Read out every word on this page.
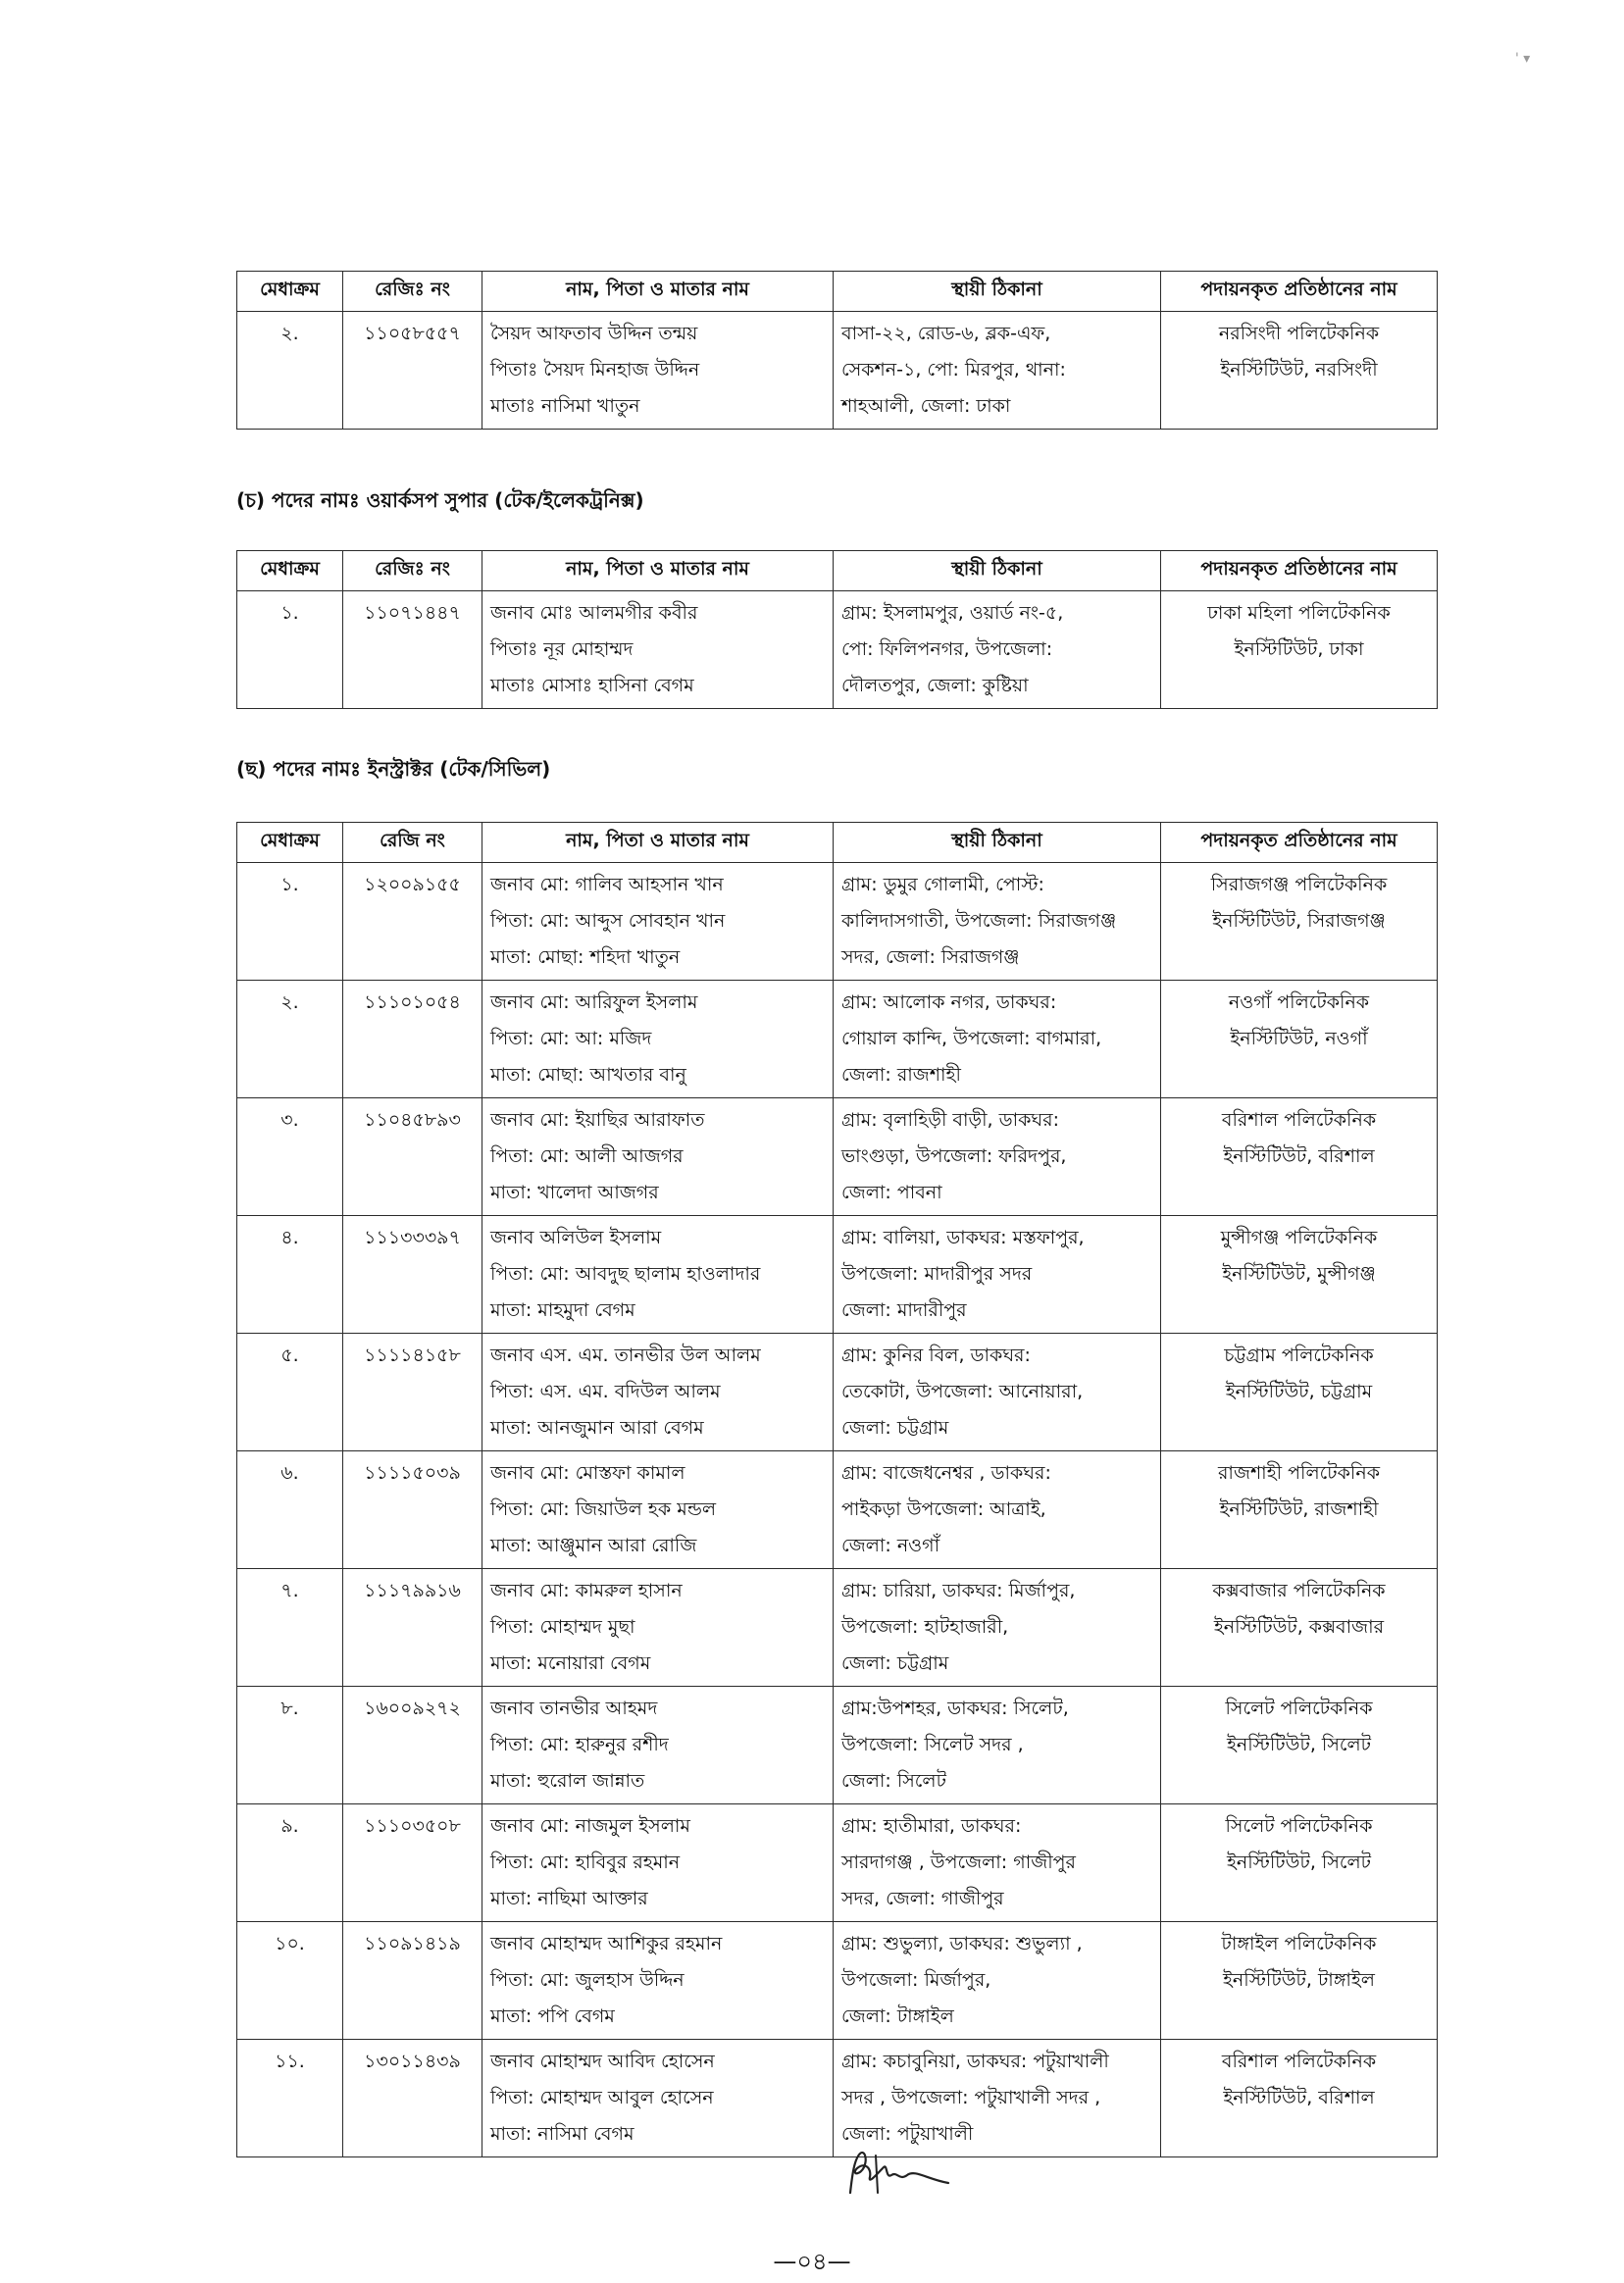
' ▾
মেধাক্রম	রেজিঃ নং	নাম, পিতা ও মাতার নাম	স্থায়ী ঠিকানা	পদায়নকৃত প্রতিষ্ঠানের নাম
২.	১১০৫৮৫৫৭	সৈয়দ আফতাব উদ্দিন তন্ময়
পিতাঃ সৈয়দ মিনহাজ উদ্দিন
মাতাঃ নাসিমা খাতুন	বাসা-২২, রোড-৬, ব্লক-এফ,
সেকশন-১, পো: মিরপুর, থানা:
শাহআলী, জেলা: ঢাকা	নরসিংদী পলিটেকনিক
ইনস্টিটিউট, নরসিংদী
(চ) পদের নামঃ ওয়ার্কসপ সুপার (টেক/ইলেকট্রনিক্স)
মেধাক্রম	রেজিঃ নং	নাম, পিতা ও মাতার নাম	স্থায়ী ঠিকানা	পদায়নকৃত প্রতিষ্ঠানের নাম
১.	১১০৭১৪৪৭	জনাব মোঃ আলমগীর কবীর
পিতাঃ নূর মোহাম্মদ
মাতাঃ মোসাঃ হাসিনা বেগম	গ্রাম: ইসলামপুর, ওয়ার্ড নং-৫,
পো: ফিলিপনগর, উপজেলা:
দৌলতপুর, জেলা: কুষ্টিয়া	ঢাকা মহিলা পলিটেকনিক
ইনস্টিটিউট, ঢাকা
(ছ) পদের নামঃ ইনস্ট্রাক্টর (টেক/সিভিল)
মেধাক্রম	রেজি নং	নাম, পিতা ও মাতার নাম	স্থায়ী ঠিকানা	পদায়নকৃত প্রতিষ্ঠানের নাম
১.	১২০০৯১৫৫	জনাব মো: গালিব আহসান খান
পিতা: মো: আব্দুস সোবহান খান
মাতা: মোছা: শহিদা খাতুন	গ্রাম: ডুমুর গোলামী, পোস্ট:
কালিদাসগাতী, উপজেলা: সিরাজগঞ্জ
সদর, জেলা: সিরাজগঞ্জ	সিরাজগঞ্জ পলিটেকনিক
ইনস্টিটিউট, সিরাজগঞ্জ

২.	১১১০১০৫৪	জনাব মো: আরিফুল ইসলাম
পিতা: মো: আ: মজিদ
মাতা: মোছা: আখতার বানু	গ্রাম: আলোক নগর, ডাকঘর:
গোয়াল কান্দি, উপজেলা: বাগমারা,
জেলা: রাজশাহী	নওগাঁ পলিটেকনিক
ইনস্টিটিউট, নওগাঁ

৩.	১১০৪৫৮৯৩	জনাব মো: ইয়াছির আরাফাত
পিতা: মো: আলী আজগর
মাতা: খালেদা আজগর	গ্রাম: বৃলাহিড়ী বাড়ী, ডাকঘর:
ভাংগুড়া, উপজেলা: ফরিদপুর,
জেলা: পাবনা	বরিশাল পলিটেকনিক
ইনস্টিটিউট, বরিশাল

৪.	১১১৩৩৩৯৭	জনাব অলিউল ইসলাম
পিতা: মো: আবদুছ ছালাম হাওলাদার
মাতা: মাহমুদা বেগম	গ্রাম: বালিয়া, ডাকঘর: মস্তফাপুর,
উপজেলা: মাদারীপুর সদর
জেলা: মাদারীপুর	মুন্সীগঞ্জ পলিটেকনিক
ইনস্টিটিউট, মুন্সীগঞ্জ

৫.	১১১১৪১৫৮	জনাব এস. এম. তানভীর উল আলম
পিতা: এস. এম. বদিউল আলম
মাতা: আনজুমান আরা বেগম	গ্রাম: কুনির বিল, ডাকঘর:
তেকোটা, উপজেলা: আনোয়ারা,
জেলা: চট্টগ্রাম	চট্টগ্রাম পলিটেকনিক
ইনস্টিটিউট, চট্টগ্রাম

৬.	১১১১৫০৩৯	জনাব মো: মোস্তফা কামাল
পিতা: মো: জিয়াউল হক মন্ডল
মাতা: আঞ্জুমান আরা রোজি	গ্রাম: বাজেধনেশ্বর , ডাকঘর:
পাইকড়া উপজেলা: আত্রাই,
জেলা: নওগাঁ	রাজশাহী পলিটেকনিক
ইনস্টিটিউট, রাজশাহী

৭.	১১১৭৯৯১৬	জনাব মো: কামরুল হাসান
পিতা: মোহাম্মদ মুছা
মাতা: মনোয়ারা বেগম	গ্রাম: চারিয়া, ডাকঘর: মির্জাপুর,
উপজেলা: হাটহাজারী,
জেলা: চট্টগ্রাম	কক্সবাজার পলিটেকনিক
ইনস্টিটিউট, কক্সবাজার

৮.	১৬০০৯২৭২	জনাব তানভীর আহমদ
পিতা: মো: হারুনুর রশীদ
মাতা: হুরোল জান্নাত	গ্রাম:উপশহর, ডাকঘর: সিলেট,
উপজেলা: সিলেট সদর ,
জেলা: সিলেট	সিলেট পলিটেকনিক
ইনস্টিটিউট, সিলেট

৯.	১১১০৩৫০৮	জনাব মো: নাজমুল ইসলাম
পিতা: মো: হাবিবুর রহমান
মাতা: নাছিমা আক্তার	গ্রাম: হাতীমারা, ডাকঘর:
সারদাগঞ্জ , উপজেলা: গাজীপুর
সদর, জেলা: গাজীপুর	সিলেট পলিটেকনিক
ইনস্টিটিউট, সিলেট

১০.	১১০৯১৪১৯	জনাব মোহাম্মদ আশিকুর রহমান
পিতা: মো: জুলহাস উদ্দিন
মাতা: পপি বেগম	গ্রাম: শুভুল্যা, ডাকঘর: শুভুল্যা ,
উপজেলা: মির্জাপুর,
জেলা: টাঙ্গাইল	টাঙ্গাইল পলিটেকনিক
ইনস্টিটিউট, টাঙ্গাইল

১১.	১৩০১১৪৩৯	জনাব মোহাম্মদ আবিদ হোসেন
পিতা: মোহাম্মদ আবুল হোসেন
মাতা: নাসিমা বেগম	গ্রাম: কচাবুনিয়া, ডাকঘর: পটুয়াখালী
সদর , উপজেলা: পটুয়াখালী সদর ,
জেলা: পটুয়াখালী	বরিশাল পলিটেকনিক
ইনস্টিটিউট, বরিশাল
—০৪—
